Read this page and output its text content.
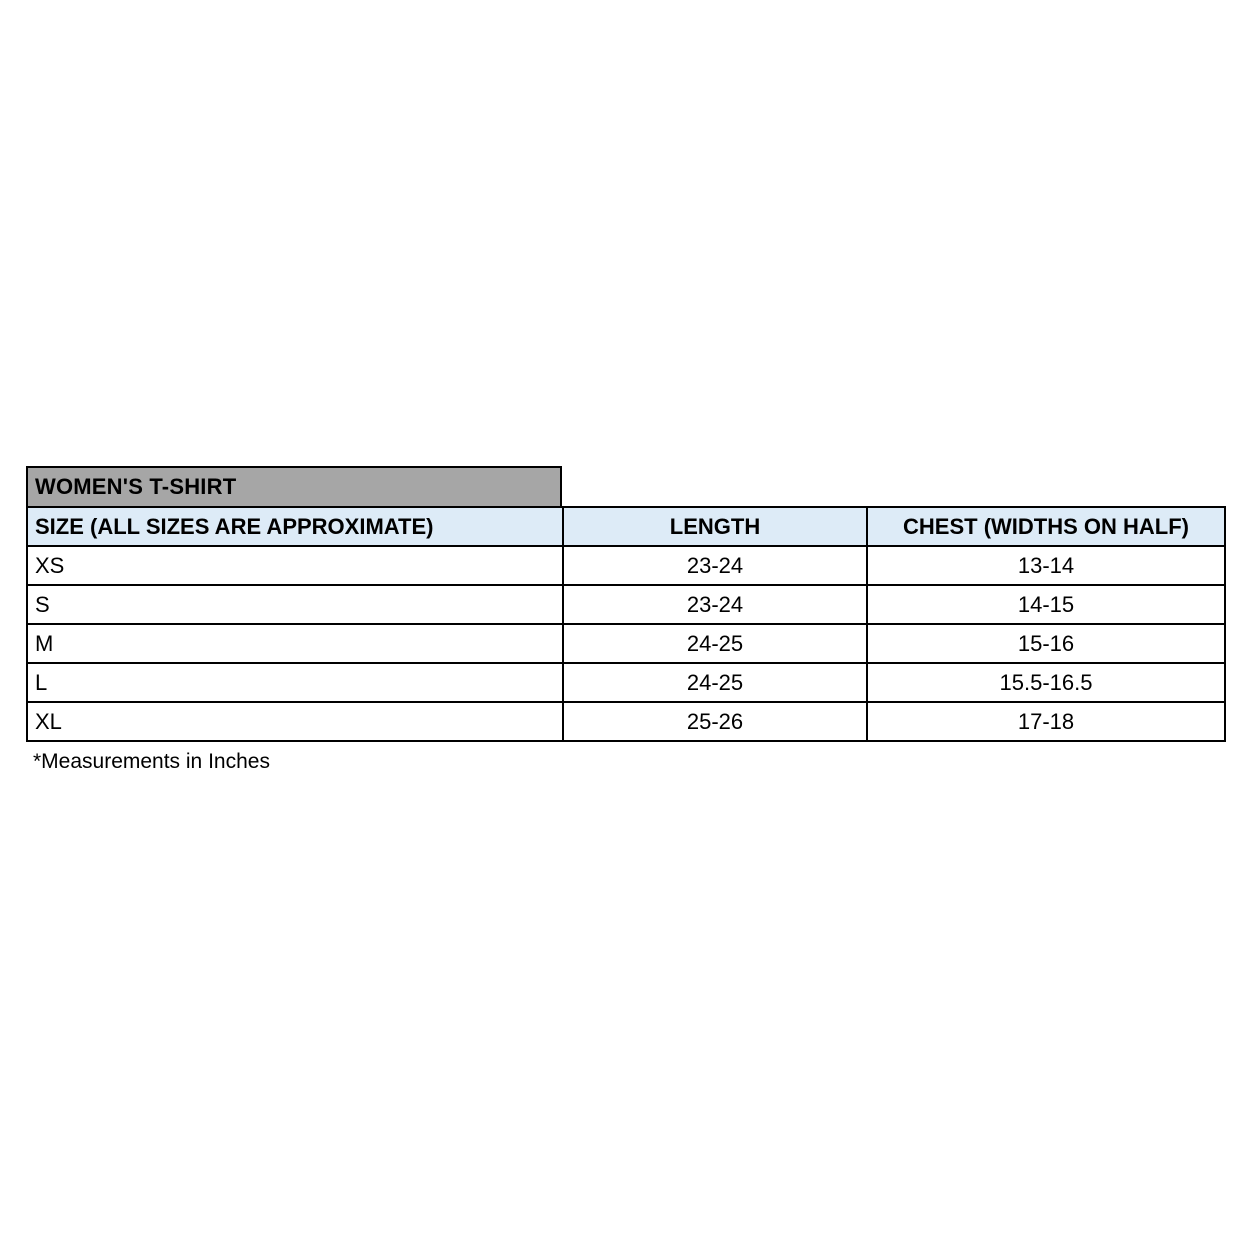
WOMEN'S T-SHIRT
SIZE (ALL SIZES ARE APPROXIMATE)	LENGTH	CHEST (WIDTHS ON HALF)
XS	23-24	13-14
S	23-24	14-15
M	24-25	15-16
L	24-25	15.5-16.5
XL	25-26	17-18
*Measurements in Inches
